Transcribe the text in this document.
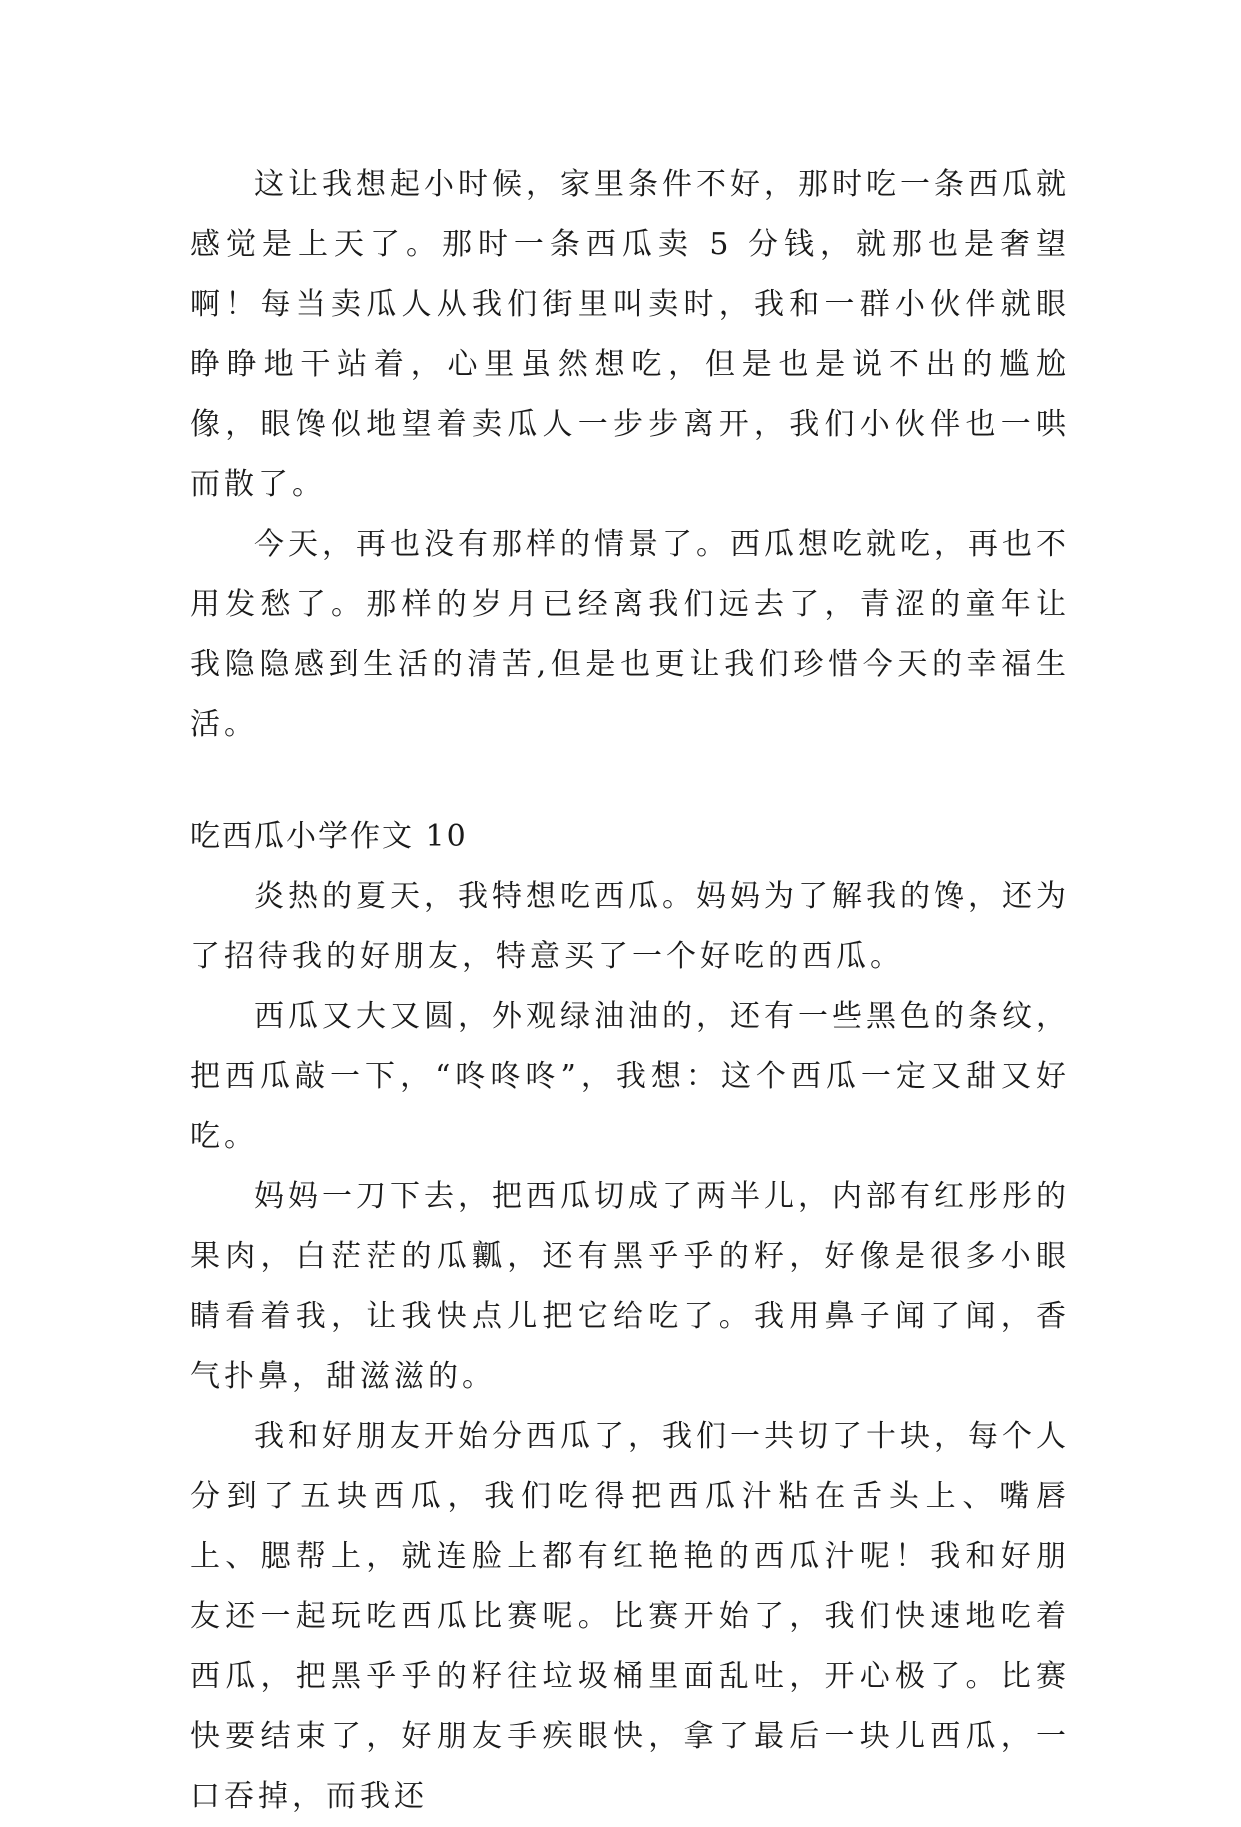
这让我想起小时候，家里条件不好，那时吃一条西瓜就感觉是上天了。那时一条西瓜卖 5 分钱，就那也是奢望啊！每当卖瓜人从我们街里叫卖时，我和一群小伙伴就眼睁睁地干站着，心里虽然想吃，但是也是说不出的尴尬像，眼馋似地望着卖瓜人一步步离开，我们小伙伴也一哄而散了。

今天，再也没有那样的情景了。西瓜想吃就吃，再也不用发愁了。那样的岁月已经离我们远去了，青涩的童年让我隐隐感到生活的清苦,但是也更让我们珍惜今天的幸福生活。

吃西瓜小学作文 10

炎热的夏天，我特想吃西瓜。妈妈为了解我的馋，还为了招待我的好朋友，特意买了一个好吃的西瓜。

西瓜又大又圆，外观绿油油的，还有一些黑色的条纹，把西瓜敲一下，“咚咚咚”，我想：这个西瓜一定又甜又好吃。

妈妈一刀下去，把西瓜切成了两半儿，内部有红彤彤的果肉，白茫茫的瓜瓤，还有黑乎乎的籽，好像是很多小眼睛看着我，让我快点儿把它给吃了。我用鼻子闻了闻，香气扑鼻，甜滋滋的。

我和好朋友开始分西瓜了，我们一共切了十块，每个人分到了五块西瓜，我们吃得把西瓜汁粘在舌头上、嘴唇上、腮帮上，就连脸上都有红艳艳的西瓜汁呢！我和好朋友还一起玩吃西瓜比赛呢。比赛开始了，我们快速地吃着西瓜，把黑乎乎的籽往垃圾桶里面乱吐，开心极了。比赛快要结束了，好朋友手疾眼快，拿了最后一块儿西瓜，一口吞掉，而我还
